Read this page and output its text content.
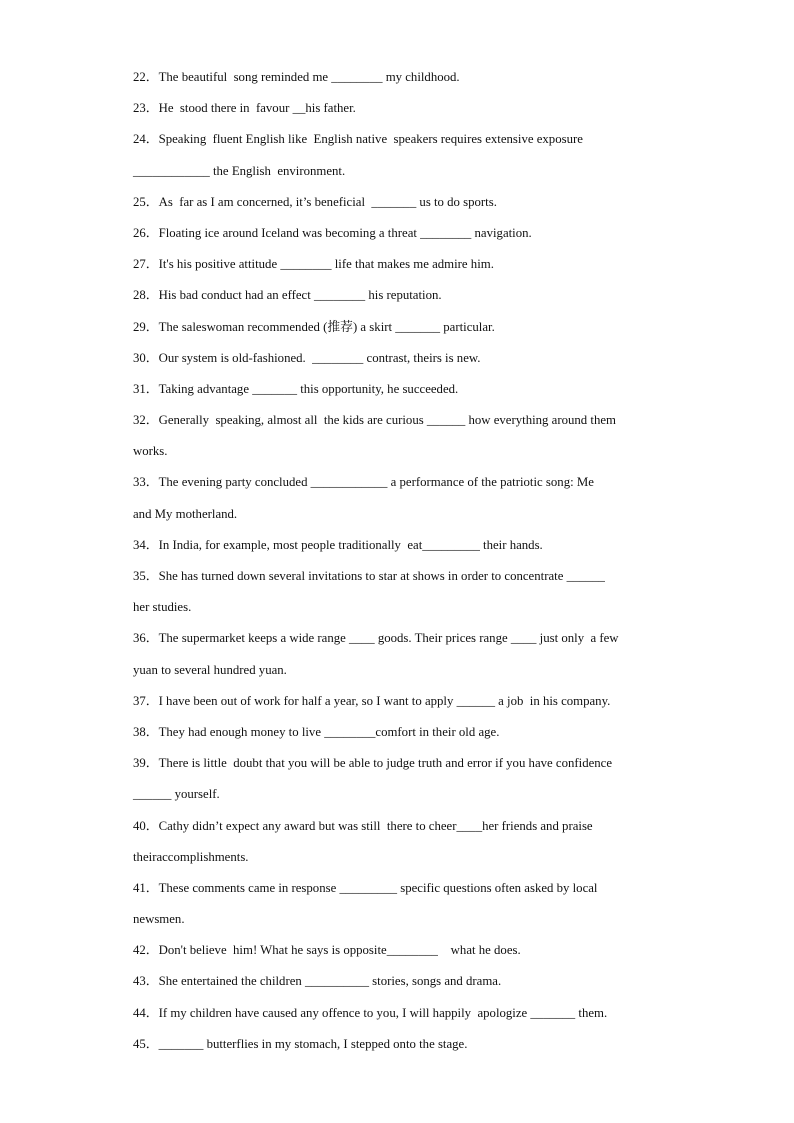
22．The beautiful  song reminded me ________ my childhood.
23．He  stood there in  favour __his father.
24．Speaking  fluent English like  English native  speakers requires extensive exposure
____________ the English  environment.
25．As  far as I am concerned, it’s beneficial  _______ us to do sports.
26．Floating ice around Iceland was becoming a threat ________ navigation.
27．It's his positive attitude ________ life that makes me admire him.
28．His bad conduct had an effect ________ his reputation.
29．The saleswoman recommended (推荐) a skirt _______ particular.
30．Our system is old-fashioned.  ________ contrast, theirs is new.
31．Taking advantage _______ this opportunity, he succeeded.
32．Generally  speaking, almost all  the kids are curious ______ how everything around them
works.
33．The evening party concluded ____________ a performance of the patriotic song: Me
and My motherland.
34．In India, for example, most people traditionally  eat_________ their hands.
35．She has turned down several invitations to star at shows in order to concentrate ______
her studies.
36．The supermarket keeps a wide range ____ goods. Their prices range ____ just only  a few
yuan to several hundred yuan.
37．I have been out of work for half a year, so I want to apply ______ a job  in his company.
38．They had enough money to live ________comfort in their old age.
39．There is little  doubt that you will be able to judge truth and error if you have confidence
______ yourself.
40．Cathy didn’t expect any award but was still  there to cheer____her friends and praise
theiraccomplishments.
41．These comments came in response _________ specific questions often asked by local
newsmen.
42．Don't believe  him! What he says is opposite________    what he does.
43．She entertained the children __________ stories, songs and drama.
44．If my children have caused any offence to you, I will happily  apologize _______ them.
45．_______ butterflies in my stomach, I stepped onto the stage.
